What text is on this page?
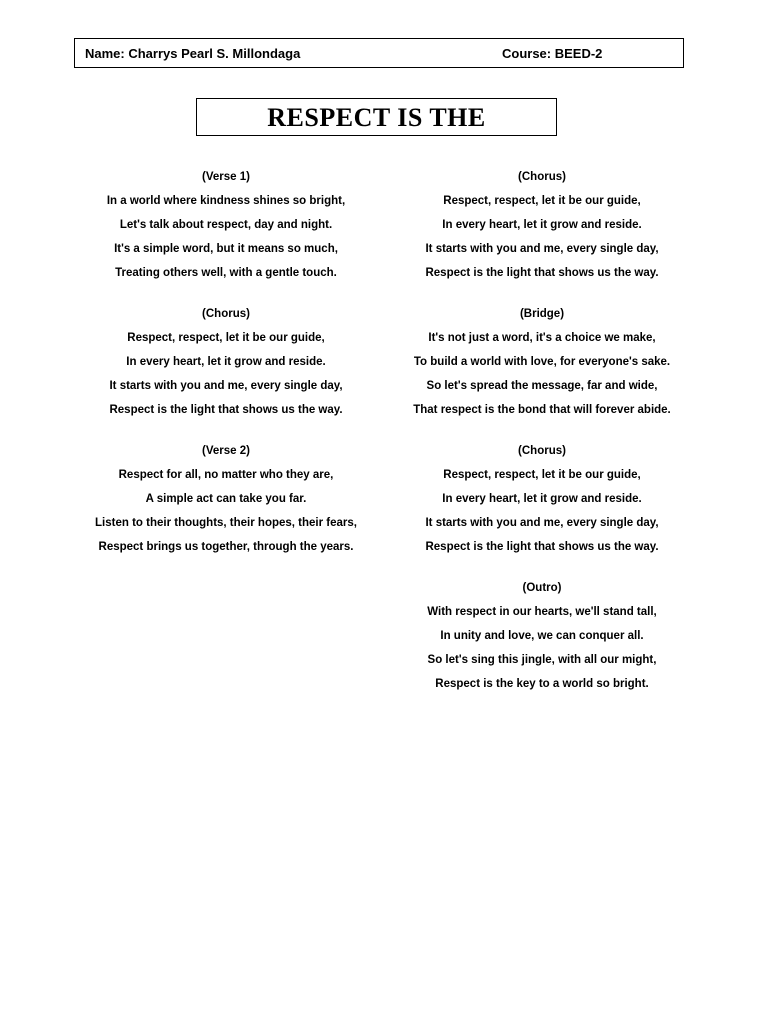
Name: Charrys Pearl S. Millondaga	Course: BEED-2
RESPECT IS THE
(Verse 1)
In a world where kindness shines so bright,
Let's talk about respect, day and night.
It's a simple word, but it means so much,
Treating others well, with a gentle touch.
(Chorus)
Respect, respect, let it be our guide,
In every heart, let it grow and reside.
It starts with you and me, every single day,
Respect is the light that shows us the way.
(Verse 2)
Respect for all, no matter who they are,
A simple act can take you far.
Listen to their thoughts, their hopes, their fears,
Respect brings us together, through the years.
(Chorus)
Respect, respect, let it be our guide,
In every heart, let it grow and reside.
It starts with you and me, every single day,
Respect is the light that shows us the way.
(Bridge)
It's not just a word, it's a choice we make,
To build a world with love, for everyone's sake.
So let's spread the message, far and wide,
That respect is the bond that will forever abide.
(Chorus)
Respect, respect, let it be our guide,
In every heart, let it grow and reside.
It starts with you and me, every single day,
Respect is the light that shows us the way.
(Outro)
With respect in our hearts, we'll stand tall,
In unity and love, we can conquer all.
So let's sing this jingle, with all our might,
Respect is the key to a world so bright.
